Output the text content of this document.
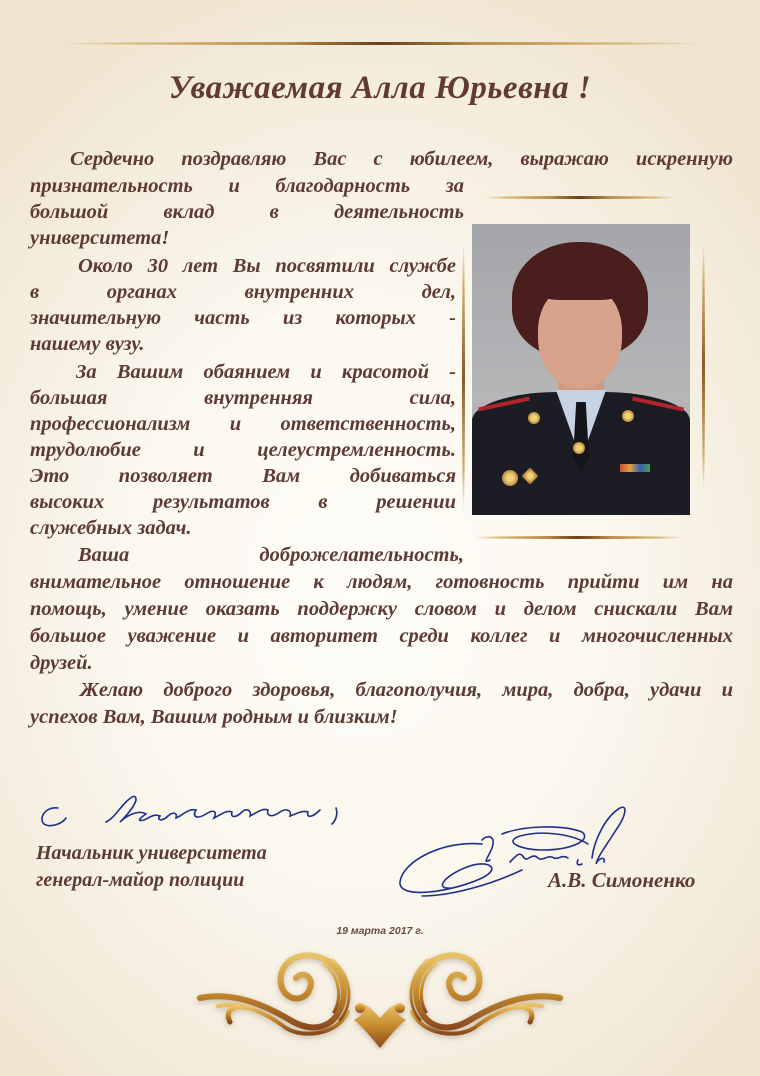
Уважаемая Алла Юрьевна !
Сердечно поздравляю Вас с юбилеем, выражаю искренную
признательность и благодарность за
большой вклад в деятельность
университета!
Около 30 лет Вы посвятили службе
в органах внутренних дел,
значительную часть из которых -
нашему вузу.
За Вашим обаянием и красотой -
большая внутренняя сила,
профессионализм и ответственность,
трудолюбие и целеустремленность.
Это позволяет Вам добиваться
высоких результатов в решении
служебных задач.
Ваша доброжелательность,
внимательное отношение к людям, готовность прийти им на
помощь, умение оказать поддержку словом и делом снискали Вам
большое уважение и авторитет среди коллег и многочисленных
друзей.
Желаю доброго здоровья, благополучия, мира, добра, удачи и
успехов Вам, Вашим родным и близким!
Начальник университета
генерал-майор полиции	А.В. Симоненко
19 марта 2017 г.
